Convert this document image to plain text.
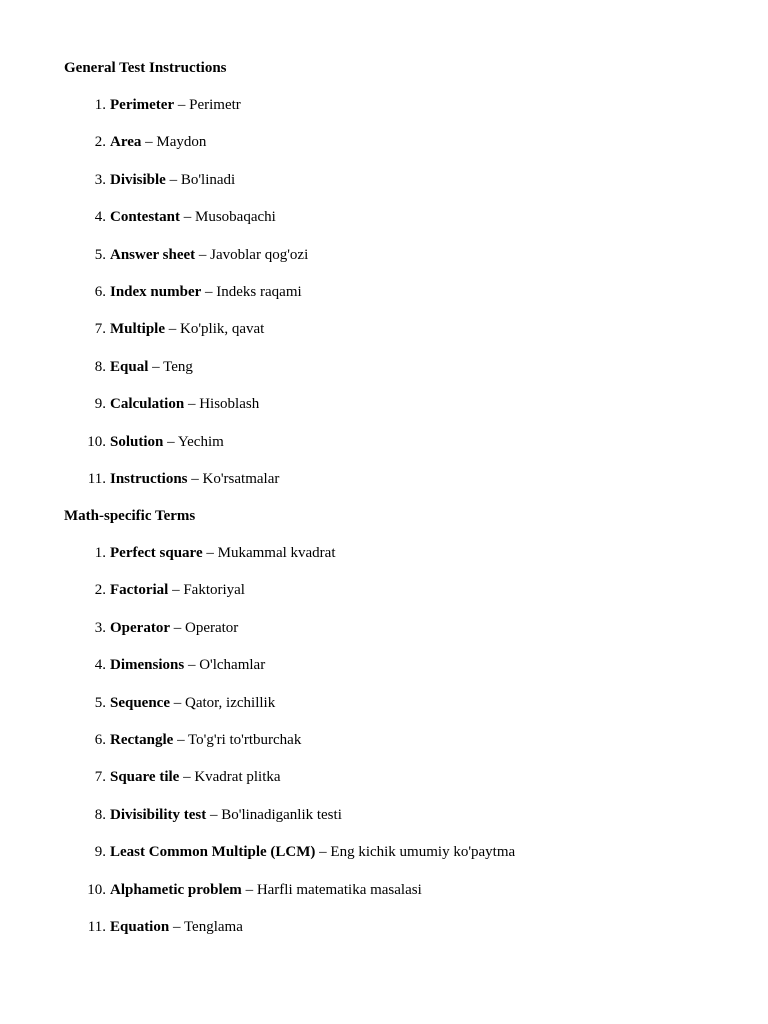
General Test Instructions

1. Perimeter – Perimetr
2. Area – Maydon
3. Divisible – Bo'linadi
4. Contestant – Musobaqachi
5. Answer sheet – Javoblar qog'ozi
6. Index number – Indeks raqami
7. Multiple – Ko'plik, qavat
8. Equal – Teng
9. Calculation – Hisoblash
10. Solution – Yechim
11. Instructions – Ko'rsatmalar

Math-specific Terms

1. Perfect square – Mukammal kvadrat
2. Factorial – Faktoriyal
3. Operator – Operator
4. Dimensions – O'lchamlar
5. Sequence – Qator, izchillik
6. Rectangle – To'g'ri to'rtburchak
7. Square tile – Kvadrat plitka
8. Divisibility test – Bo'linadiganlik testi
9. Least Common Multiple (LCM) – Eng kichik umumiy ko'paytma
10. Alphametic problem – Harfli matematika masalasi
11. Equation – Tenglama
